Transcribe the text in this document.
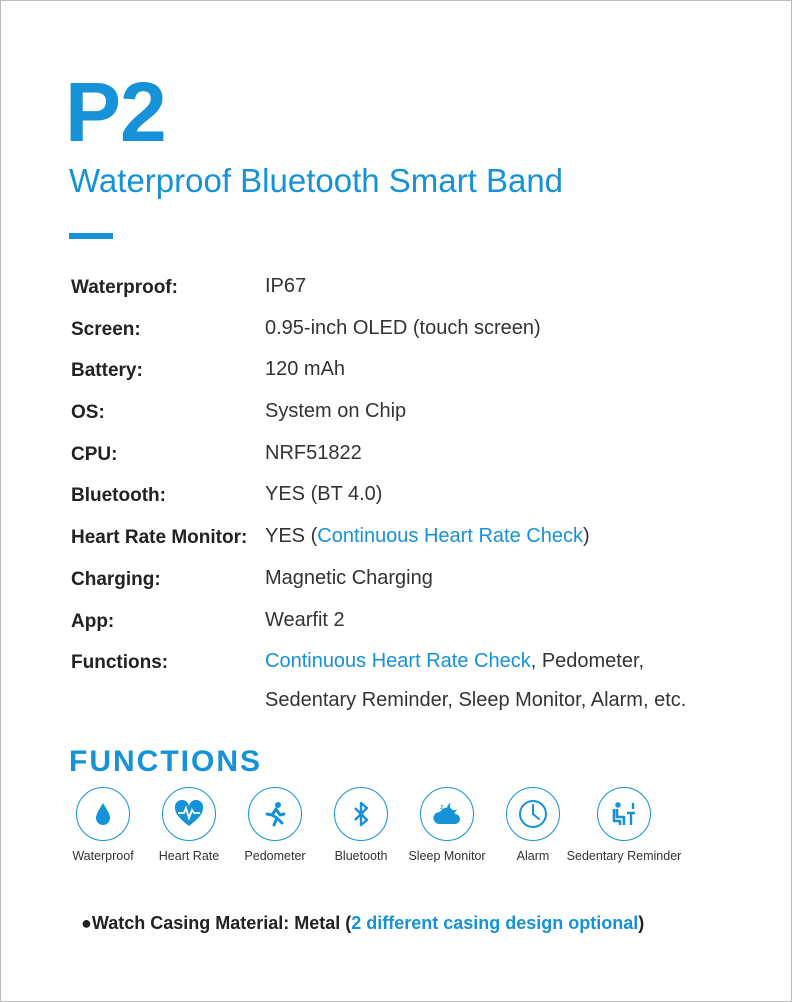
P2
Waterproof Bluetooth Smart Band
Waterproof:	IP67
Screen:	0.95-inch OLED (touch screen)
Battery:	120 mAh
OS:	System on Chip
CPU:	NRF51822
Bluetooth:	YES (BT 4.0)
Heart Rate Monitor: YES (Continuous Heart Rate Check)
Charging:	Magnetic Charging
App:	Wearfit 2
Functions:	Continuous Heart Rate Check, Pedometer,
Sedentary Reminder, Sleep Monitor, Alarm, etc.
FUNCTIONS
Waterproof	Heart Rate	Pedometer	Bluetooth
z
Sleep Monitor	Alarm	Sedentary Reminder
●Watch Casing Material: Metal (2 different casing design optional)
